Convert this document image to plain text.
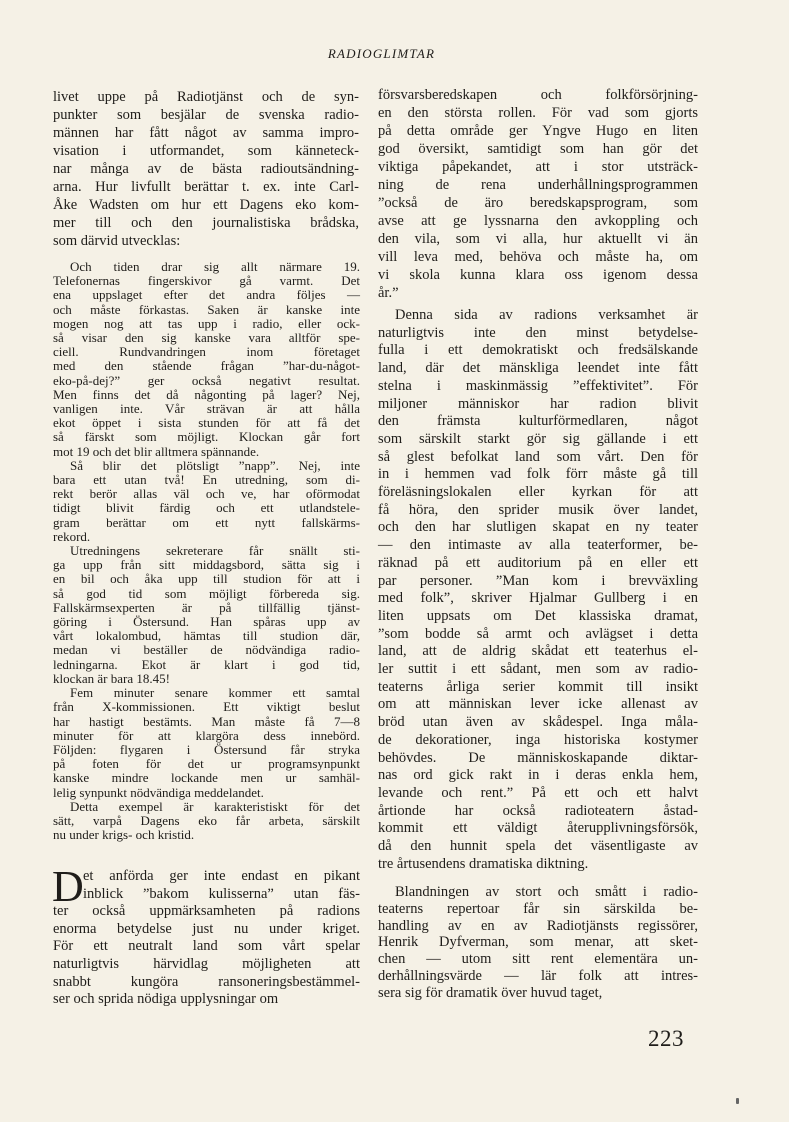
RADIOGLIMTAR
livet uppe på Radiotjänst och de syn-
punkter som besjälar de svenska radio-
männen har fått något av samma impro-
visation i utformandet, som känneteck-
nar många av de bästa radioutsändning-
arna. Hur livfullt berättar t. ex. inte Carl-
Åke Wadsten om hur ett Dagens eko kom-
mer till och den journalistiska brådska,
som därvid utvecklas:
Och tiden drar sig allt närmare 19.
Telefonernas fingerskivor gå varmt. Det
ena uppslaget efter det andra följes —
och måste förkastas. Saken är kanske inte
mogen nog att tas upp i radio, eller ock-
så visar den sig kanske vara alltför spe-
ciell. Rundvandringen inom företaget
med den stående frågan ”har-du-något-
eko-på-dej?” ger också negativt resultat.
Men finns det då någonting på lager? Nej,
vanligen inte. Vår strävan är att hålla
ekot öppet i sista stunden för att få det
så färskt som möjligt. Klockan går fort
mot 19 och det blir alltmera spännande.
Så blir det plötsligt ”napp”. Nej, inte
bara ett utan två! En utredning, som di-
rekt berör allas väl och ve, har oförmodat
tidigt blivit färdig och ett utlandstele-
gram berättar om ett nytt fallskärms-
rekord.
Utredningens sekreterare får snällt sti-
ga upp från sitt middagsbord, sätta sig i
en bil och åka upp till studion för att i
så god tid som möjligt förbereda sig.
Fallskärmsexperten är på tillfällig tjänst-
göring i Östersund. Han spåras upp av
vårt lokalombud, hämtas till studion där,
medan vi beställer de nödvändiga radio-
ledningarna. Ekot är klart i god tid,
klockan är bara 18.45!
Fem minuter senare kommer ett samtal
från X-kommissionen. Ett viktigt beslut
har hastigt bestämts. Man måste få 7—8
minuter för att klargöra dess innebörd.
Följden: flygaren i Östersund får stryka
på foten för det ur programsynpunkt
kanske mindre lockande men ur samhäl-
lelig synpunkt nödvändiga meddelandet.
Detta exempel är karakteristiskt för det
sätt, varpå Dagens eko får arbeta, särskilt
nu under krigs- och kristid.
D et anförda ger inte endast en pikant
inblick ”bakom kulisserna” utan fäs-
ter också uppmärksamheten på radions
enorma betydelse just nu under kriget.
För ett neutralt land som vårt spelar
naturligtvis härvidlag möjligheten att
snabbt kungöra ransoneringsbestämmel-
ser och sprida nödiga upplysningar om
försvarsberedskapen och folkförsörjning-
en den största rollen. För vad som gjorts
på detta område ger Yngve Hugo en liten
god översikt, samtidigt som han gör det
viktiga påpekandet, att i stor utsträck-
ning de rena underhållningsprogrammen
”också de äro beredskapsprogram, som
avse att ge lyssnarna den avkoppling och
den vila, som vi alla, hur aktuellt vi än
vill leva med, behöva och måste ha, om
vi skola kunna klara oss igenom dessa
år.”
Denna sida av radions verksamhet är
naturligtvis inte den minst betydelse-
fulla i ett demokratiskt och fredsälskande
land, där det mänskliga leendet inte fått
stelna i maskinmässig ”effektivitet”. För
miljoner människor har radion blivit
den främsta kulturförmedlaren, något
som särskilt starkt gör sig gällande i ett
så glest befolkat land som vårt. Den för
in i hemmen vad folk förr måste gå till
föreläsningslokalen eller kyrkan för att
få höra, den sprider musik över landet,
och den har slutligen skapat en ny teater
— den intimaste av alla teaterformer, be-
räknad på ett auditorium på en eller ett
par personer. ”Man kom i brevväxling
med folk”, skriver Hjalmar Gullberg i en
liten uppsats om Det klassiska dramat,
”som bodde så armt och avlägset i detta
land, att de aldrig skådat ett teaterhus el-
ler suttit i ett sådant, men som av radio-
teaterns årliga serier kommit till insikt
om att människan lever icke allenast av
bröd utan även av skådespel. Inga måla-
de dekorationer, inga historiska kostymer
behövdes. De människoskapande diktar-
nas ord gick rakt in i deras enkla hem,
levande och rent.” På ett och ett halvt
årtionde har också radioteatern åstad-
kommit ett väldigt återupplivningsförsök,
då den hunnit spela det väsentligaste av
tre årtusendens dramatiska diktning.
Blandningen av stort och smått i radio-
teaterns repertoar får sin särskilda be-
handling av en av Radiotjänsts regissörer,
Henrik Dyfverman, som menar, att sket-
chen — utom sitt rent elementära un-
derhållningsvärde — lär folk att intres-
sera sig för dramatik över huvud taget,
223
